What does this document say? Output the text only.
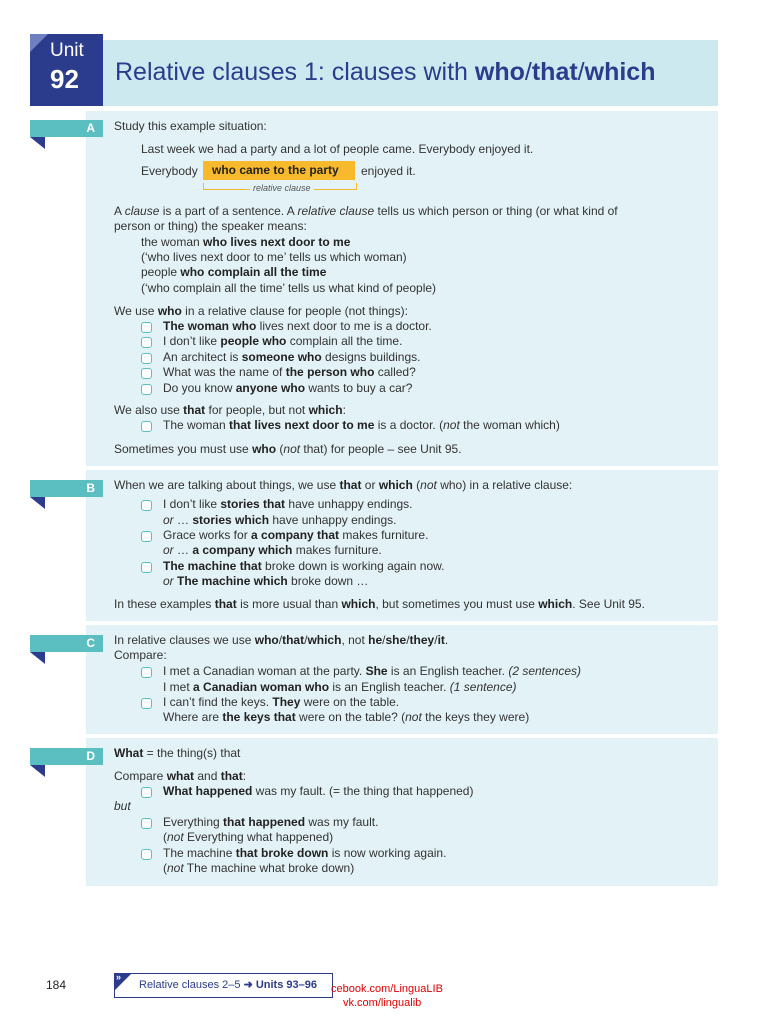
Unit
92 Relative clauses 1: clauses with who/that/which
A
B
C
D
Study this example situation:
Last week we had a party and a lot of people came. Everybody enjoyed it.
Everybody who came to the party enjoyed it.
relative clause
A clause is a part of a sentence. A relative clause tells us which person or thing (or what kind of
person or thing) the speaker means:
the woman who lives next door to me
(‘who lives next door to me’ tells us which woman)
people who complain all the time
(‘who complain all the time’ tells us what kind of people)
We use who in a relative clause for people (not things):
The woman who lives next door to me is a doctor.
I don’t like people who complain all the time.
An architect is someone who designs buildings.
What was the name of the person who called?
Do you know anyone who wants to buy a car?
We also use that for people, but not which:
The woman that lives next door to me is a doctor. (not the woman which)
Sometimes you must use who (not that) for people – see Unit 95.
When we are talking about things, we use that or which (not who) in a relative clause:
I don’t like stories that have unhappy endings.
or … stories which have unhappy endings.
Grace works for a company that makes furniture.
or … a company which makes furniture.
The machine that broke down is working again now.
or The machine which broke down …
In these examples that is more usual than which, but sometimes you must use which. See Unit 95.
In relative clauses we use who/that/which, not he/she/they/it.
Compare:
I met a Canadian woman at the party. She is an English teacher. (2 sentences)
I met a Canadian woman who is an English teacher. (1 sentence)
I can’t find the keys. They were on the table.
Where are the keys that were on the table? (not the keys they were)
What = the thing(s) that
Compare what and that:
What happened was my fault. (= the thing that happened)
but
Everything that happened was my fault.
(not Everything what happened)
The machine that broke down is now working again.
(not The machine what broke down)
184
»
Relative clauses 2–5 ➜ Units 93–96 cebook.com/LinguaLIB
vk.com/lingualib
